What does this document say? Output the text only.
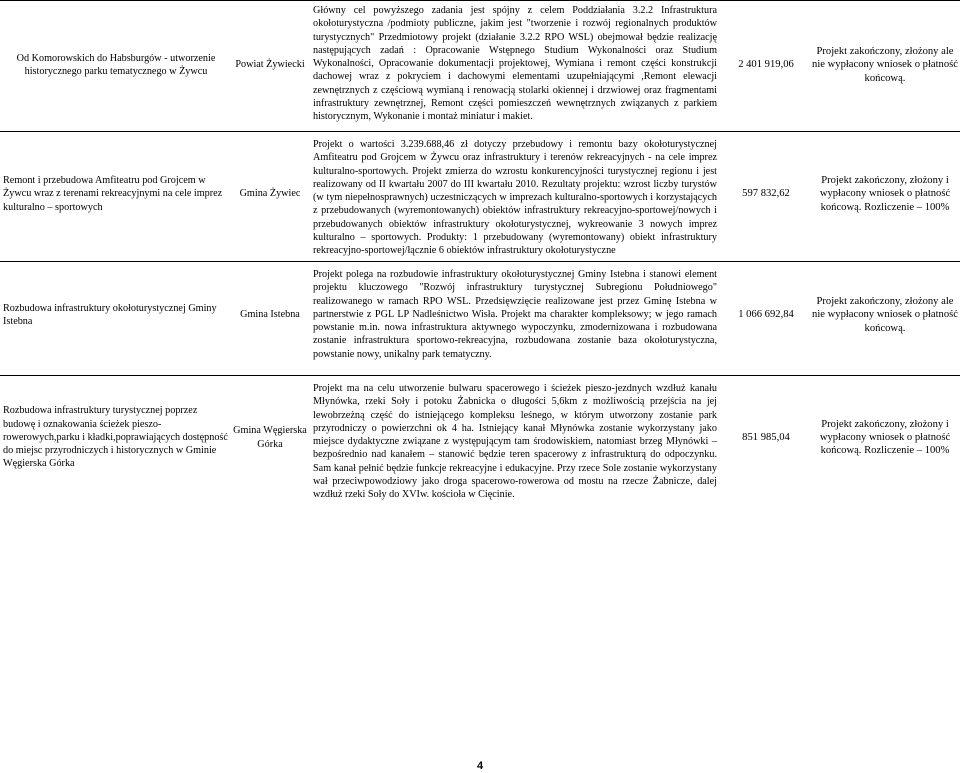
Od Komorowskich do Habsburgów - utworzenie historycznego parku tematycznego w Żywcu
Powiat Żywiecki
Główny cel powyższego zadania jest spójny z celem Poddziałania 3.2.2 Infrastruktura okołoturystyczna /podmioty publiczne, jakim jest "tworzenie i rozwój regionalnych produktów turystycznych" Przedmiotowy projekt (działanie 3.2.2 RPO WSL) obejmował będzie realizację następujących zadań : Opracowanie Wstępnego Studium Wykonalności oraz Studium Wykonalności, Opracowanie dokumentacji projektowej, Wymiana i remont części konstrukcji dachowej wraz z pokryciem i dachowymi elementami uzupełniającymi ,Remont elewacji zewnętrznych z częściową wymianą i renowacją stolarki okiennej i drzwiowej oraz fragmentami infrastruktury zewnętrznej, Remont części pomieszczeń wewnętrznych związanych z parkiem historycznym, Wykonanie i montaż miniatur i makiet.
2 401 919,06
Projekt zakończony, złożony ale nie wypłacony wniosek o płatność końcową.
Remont i przebudowa Amfiteatru pod Grojcem w Żywcu wraz z terenami rekreacyjnymi na cele imprez kulturalno – sportowych
Gmina Żywiec
Projekt o wartości 3.239.688,46 zł dotyczy przebudowy i remontu bazy okołoturystycznej Amfiteatru pod Grojcem w Żywcu oraz infrastruktury i terenów rekreacyjnych - na cele imprez kulturalno-sportowych. Projekt zmierza do wzrostu konkurencyjności turystycznej regionu i jest realizowany od II kwartału 2007 do III kwartału 2010. Rezultaty projektu: wzrost liczby turystów (w tym niepełnosprawnych) uczestniczących w imprezach kulturalno-sportowych i korzystających z przebudowanych (wyremontowanych) obiektów infrastruktury rekreacyjno-sportowej/nowych i przebudowanych obiektów infrastruktury okołoturystycznej, wykreowanie 3 nowych imprez kulturalno – sportowych. Produkty: 1 przebudowany (wyremontowany) obiekt infrastruktury rekreacyjno-sportowej/łącznie 6 obiektów infrastruktury okołoturystyczne
597 832,62
Projekt zakończony, złożony i wypłacony wniosek o płatność końcową. Rozliczenie – 100%
Rozbudowa infrastruktury okołoturystycznej Gminy Istebna
Gmina Istebna
Projekt polega na rozbudowie infrastruktury okołoturystycznej Gminy Istebna i stanowi element projektu kluczowego "Rozwój infrastruktury turystycznej Subregionu Południowego" realizowanego w ramach RPO WSL. Przedsięwzięcie realizowane jest przez Gminę Istebna w partnerstwie z PGL LP Nadleśnictwo Wisła. Projekt ma charakter kompleksowy; w jego ramach powstanie m.in. nowa infrastruktura aktywnego wypoczynku, zmodernizowana i rozbudowana zostanie infrastruktura sportowo-rekreacyjna, rozbudowana zostanie baza okołoturystyczna, powstanie nowy, unikalny park tematyczny.
1 066 692,84
Projekt zakończony, złożony ale nie wypłacony wniosek o płatność końcową.
Rozbudowa infrastruktury turystycznej poprzez budowę i oznakowania ścieżek pieszo-rowerowych,parku i kładki,poprawiających dostępność do miejsc przyrodniczych i historycznych w Gminie Węgierska Górka
Gmina Węgierska Górka
Projekt ma na celu utworzenie bulwaru spacerowego i ścieżek pieszo-jezdnych wzdłuż kanału Młynówka, rzeki Soły i potoku Żabnicka o długości 5,6km z możliwością przejścia na jej lewobrzeżną część do istniejącego kompleksu leśnego, w którym utworzony zostanie park przyrodniczy o powierzchni ok 4 ha. Istniejący kanał Młynówka zostanie wykorzystany jako miejsce dydaktyczne związane z występującym tam środowiskiem, natomiast brzeg Młynówki – bezpośrednio nad kanałem – stanowić będzie teren spacerowy z infrastrukturą do odpoczynku. Sam kanał pełnić będzie funkcje rekreacyjne i edukacyjne. Przy rzece Sole zostanie wykorzystany wał przeciwpowodziowy jako droga spacerowo-rowerowa od mostu na rzecze Żabnicze, dalej wzdłuż rzeki Soły do XVIw. kościoła w Cięcinie.
851 985,04
Projekt zakończony, złożony i wypłacony wniosek o płatność końcową. Rozliczenie – 100%
4
